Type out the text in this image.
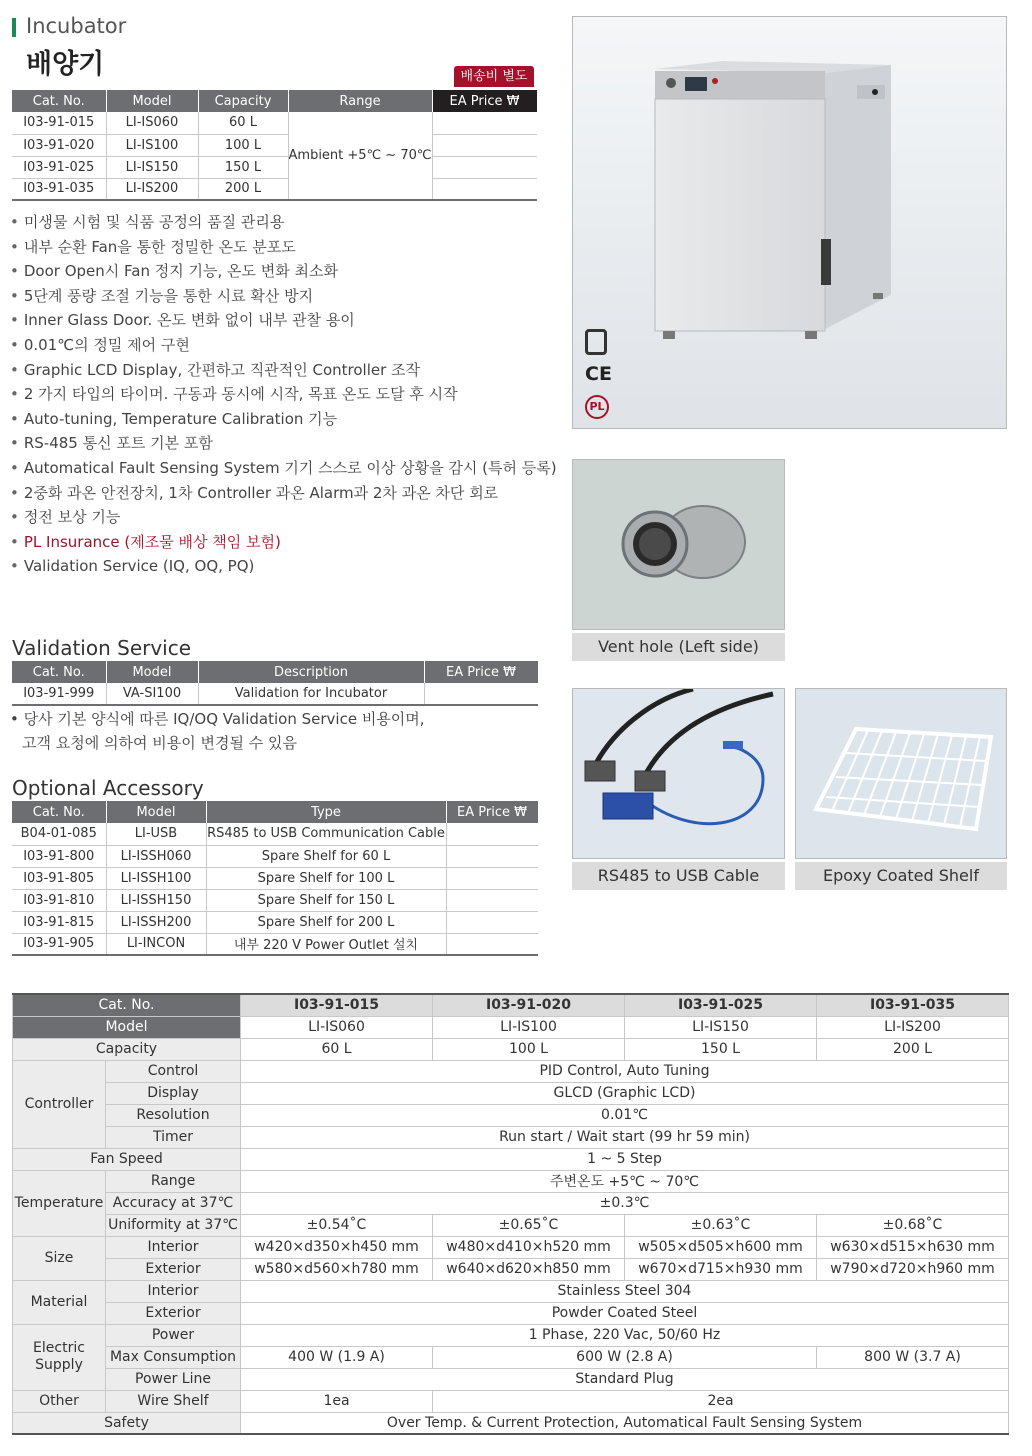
Incubator
배양기	배송비 별도
Cat. No.	Model	Capacity	Range	EA Price ₩
I03-91-015	LI-IS060	60 L	Ambient +5℃ ~ 70℃	
I03-91-020	LI-IS100	100 L		
I03-91-025	LI-IS150	150 L		
I03-91-035	LI-IS200	200 L		
• 미생물 시험 및 식품 공정의 품질 관리용
• 내부 순환 Fan을 통한 정밀한 온도 분포도
• Door Open시 Fan 정지 기능, 온도 변화 최소화
• 5단계 풍량 조절 기능을 통한 시료 확산 방지
• Inner Glass Door. 온도 변화 없이 내부 관찰 용이
• 0.01℃의 정밀 제어 구현
• Graphic LCD Display, 간편하고 직관적인 Controller 조작
• 2 가지 타입의 타이머. 구동과 동시에 시작, 목표 온도 도달 후 시작
• Auto-tuning, Temperature Calibration 기능
• RS-485 통신 포트 기본 포함
• Automatical Fault Sensing System 기기 스스로 이상 상황을 감시 (특허 등록)
• 2중화 과온 안전장치, 1차 Controller 과온 Alarm과 2차 과온 차단 회로
• 정전 보상 기능
• PL Insurance (제조물 배상 책임 보험)
• Validation Service (IQ, OQ, PQ)
Validation Service
Cat. No.	Model	Description	EA Price ₩
I03-91-999	VA-SI100	Validation for Incubator	
• 당사 기본 양식에 따른 IQ/OQ Validation Service 비용이며,
고객 요청에 의하여 비용이 변경될 수 있음
Optional Accessory
Cat. No.	Model	Type	EA Price ₩
B04-01-085	LI-USB	RS485 to USB Communication Cable	
I03-91-800	LI-ISSH060	Spare Shelf for 60 L	
I03-91-805	LI-ISSH100	Spare Shelf for 100 L	
I03-91-810	LI-ISSH150	Spare Shelf for 150 L	
I03-91-815	LI-ISSH200	Spare Shelf for 200 L	
I03-91-905	LI-INCON	내부 220 V Power Outlet 설치	
CE
PL
Vent hole (Left side)
RS485 to USB Cable	Epoxy Coated Shelf
Cat. No.		I03-91-015	I03-91-020	I03-91-025	I03-91-035
Model		LI-IS060	LI-IS100	LI-IS150	LI-IS200
Capacity		60 L	100 L	150 L	200 L
Controller	Control	PID Control, Auto Tuning			
	Display	GLCD (Graphic LCD)			
	Resolution	0.01℃			
	Timer	Run start / Wait start (99 hr 59 min)			
Fan Speed		1 ~ 5 Step			
Temperature	Range	주변온도 +5℃ ~ 70℃			
	Accuracy at 37℃	±0.3℃			
	Uniformity at 37℃	±0.54˚C	±0.65˚C	±0.63˚C	±0.68˚C
Size	Interior	w420×d350×h450 mm	w480×d410×h520 mm	w505×d505×h600 mm	w630×d515×h630 mm
	Exterior	w580×d560×h780 mm	w640×d620×h850 mm	w670×d715×h930 mm	w790×d720×h960 mm
Material	Interior	Stainless Steel 304			
	Exterior	Powder Coated Steel			
Electric
Supply	Power	1 Phase, 220 Vac, 50/60 Hz			
	Max Consumption	400 W (1.9 A)	600 W (2.8 A)		800 W (3.7 A)
	Power Line	Standard Plug			
Other	Wire Shelf	1ea	2ea		
Safety		Over Temp. & Current Protection, Automatical Fault Sensing System			
